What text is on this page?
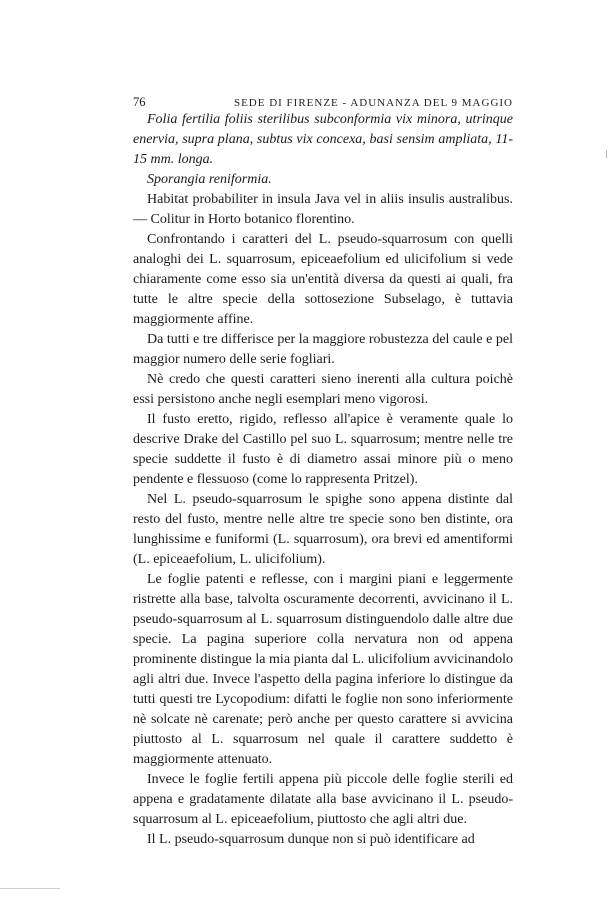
76	SEDE DI FIRENZE - ADUNANZA DEL 9 MAGGIO

Folia fertilia foliis sterilibus subconformia vix minora, utrinque enervia, supra plana, subtus vix concexa, basi sensim ampliata, 11-15 mm. longa.

Sporangia reniformia.

Habitat probabiliter in insula Java vel in aliis insulis australibus. — Colitur in Horto botanico florentino.

Confrontando i caratteri del L. pseudo-squarrosum con quelli analoghi dei L. squarrosum, epiceaefolium ed ulicifolium si vede chiaramente come esso sia un'entità diversa da questi ai quali, fra tutte le altre specie della sottosezione Subselago, è tuttavia maggiormente affine.

Da tutti e tre differisce per la maggiore robustezza del caule e pel maggior numero delle serie fogliari.

Nè credo che questi caratteri sieno inerenti alla cultura poichè essi persistono anche negli esemplari meno vigorosi.

Il fusto eretto, rigido, reflesso all'apice è veramente quale lo descrive Drake del Castillo pel suo L. squarrosum; mentre nelle tre specie suddette il fusto è di diametro assai minore più o meno pendente e flessuoso (come lo rappresenta Pritzel).

Nel L. pseudo-squarrosum le spighe sono appena distinte dal resto del fusto, mentre nelle altre tre specie sono ben distinte, ora lunghissime e funiformi (L. squarrosum), ora brevi ed amentiformi (L. epiceaefolium, L. ulicifolium).

Le foglie patenti e reflesse, con i margini piani e leggermente ristrette alla base, talvolta oscuramente decorrenti, avvicinano il L. pseudo-squarrosum al L. squarrosum distinguendolo dalle altre due specie. La pagina superiore colla nervatura non od appena prominente distingue la mia pianta dal L. ulicifolium avvicinandolo agli altri due. Invece l'aspetto della pagina inferiore lo distingue da tutti questi tre Lycopodium: difatti le foglie non sono inferiormente nè solcate nè carenate; però anche per questo carattere si avvicina piuttosto al L. squarrosum nel quale il carattere suddetto è maggiormente attenuato.

Invece le foglie fertili appena più piccole delle foglie sterili ed appena e gradatamente dilatate alla base avvicinano il L. pseudo-squarrosum al L. epiceaefolium, piuttosto che agli altri due.

Il L. pseudo-squarrosum dunque non si può identificare ad
